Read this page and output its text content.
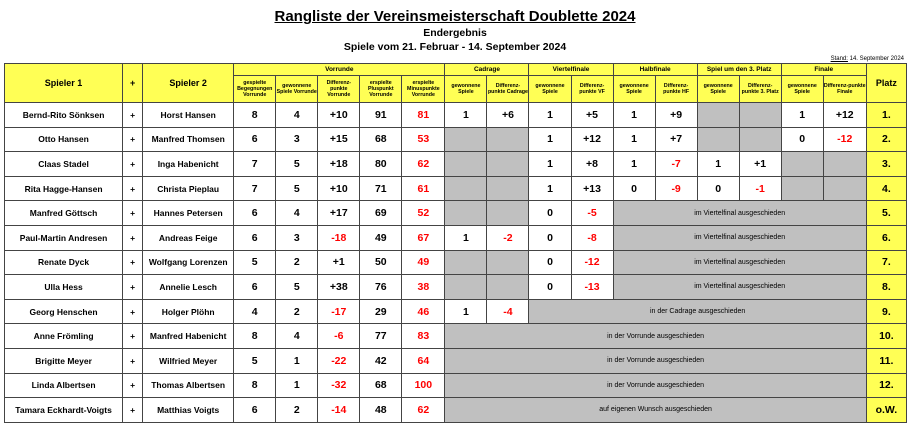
Rangliste der Vereinsmeisterschaft Doublette 2024
Endergebnis
Spiele vom 21. Februar - 14. September 2024
Stand: 14. September 2024
Spieler 1	+	Spieler 2	Vorrunde					Cadrage		Viertelfinale		Halbfinale		Spiel um den 3. Platz		Finale		Platz
			gespielte Begegnungen Vorrunde	gewonnene Spiele Vorrunde	Differenz-punkte Vorrunde	erspielte Pluspunkt Vorrunde	erspielte Minuspunkte Vorrunde	gewonnene Spiele	Differenz-punkte Cadrage	gewonnene Spiele	Differenz-punkte VF	gewonnene Spiele	Differenz-punkte HF	gewonnene Spiele	Differenz-punkte 3. Platz	gewonnene Spiele	Differenz-punkte Finale	
Bernd-Rito Sönksen	+	Horst Hansen	8	4	+10	91	81	1	+6	1	+5	1	+9			1	+12	1.
Otto Hansen	+	Manfred Thomsen	6	3	+15	68	53			1	+12	1	+7			0	-12	2.
Claas Stadel	+	Inga Habenicht	7	5	+18	80	62			1	+8	1	-7	1	+1			3.
Rita Hagge-Hansen	+	Christa Pieplau	7	5	+10	71	61			1	+13	0	-9	0	-1			4.
Manfred Göttsch	+	Hannes Petersen	6	4	+17	69	52			0	-5	im Viertelfinal ausgeschieden						5.
Paul-Martin Andresen	+	Andreas Feige	6	3	-18	49	67	1	-2	0	-8	im Viertelfinal ausgeschieden						6.
Renate Dyck	+	Wolfgang Lorenzen	5	2	+1	50	49			0	-12	im Viertelfinal ausgeschieden						7.
Ulla Hess	+	Annelie Lesch	6	5	+38	76	38			0	-13	im Viertelfinal ausgeschieden						8.
Georg Henschen	+	Holger Plöhn	4	2	-17	29	46	1	-4	in der Cadrage ausgeschieden								9.
Anne Frömling	+	Manfred Habenicht	8	4	-6	77	83	in der Vorrunde ausgeschieden										10.
Brigitte Meyer	+	Wilfried Meyer	5	1	-22	42	64	in der Vorrunde ausgeschieden										11.
Linda Albertsen	+	Thomas Albertsen	8	1	-32	68	100	in der Vorrunde ausgeschieden										12.
Tamara Eckhardt-Voigts	+	Matthias Voigts	6	2	-14	48	62	auf eigenen Wunsch ausgeschieden										o.W.
